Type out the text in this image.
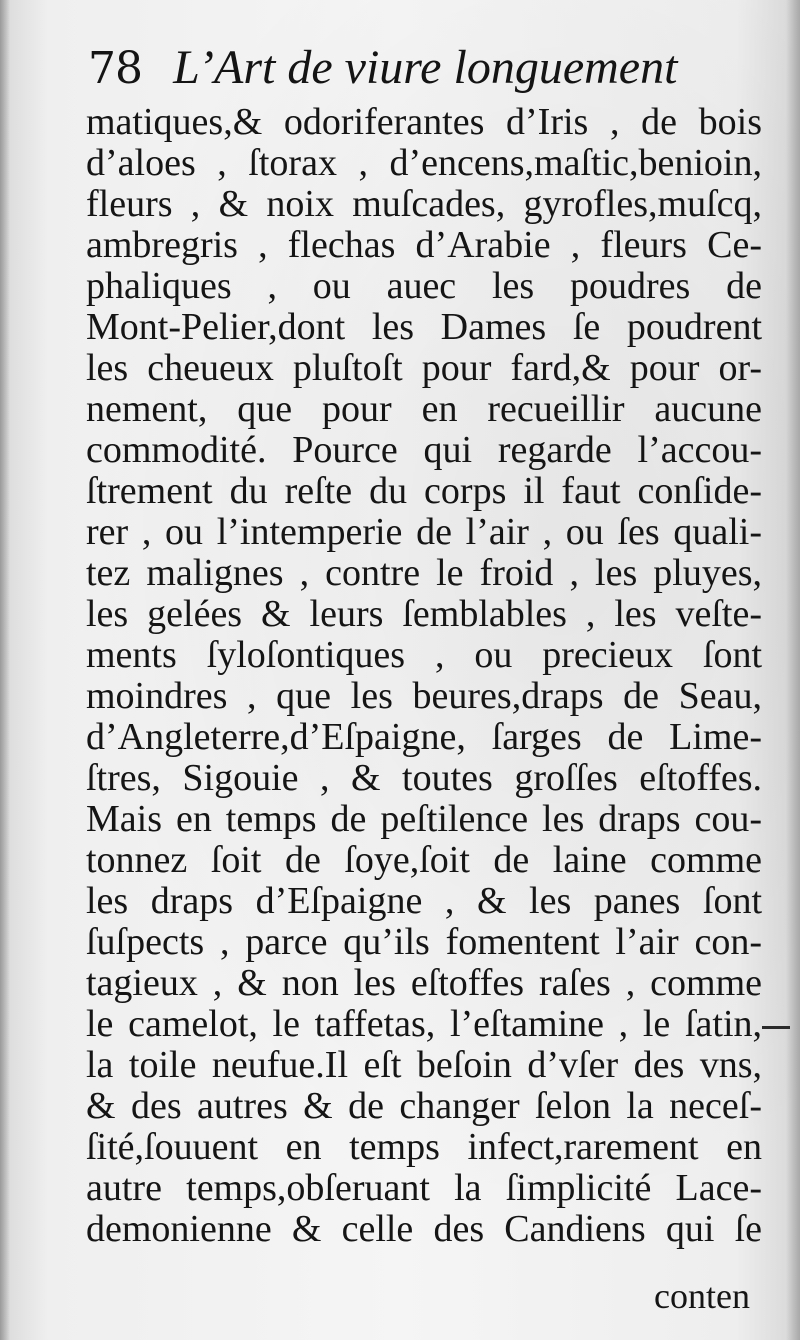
78 L’Art de viure longuement
matiques,& odoriferantes d’Iris , de bois
d’aloes , ſtorax , d’encens,maſtic,benioin,
fleurs , & noix muſcades, gyrofles,muſcq,
ambregris , flechas d’Arabie , fleurs Ce-
phaliques , ou auec les poudres de
Mont-Pelier,dont les Dames ſe poudrent
les cheueux pluſtoſt pour fard,& pour or-
nement, que pour en recueillir aucune
commodité. Pource qui regarde l’accou-
ſtrement du reſte du corps il faut conſide-
rer , ou l’intemperie de l’air , ou ſes quali-
tez malignes , contre le froid , les pluyes,
les gelées & leurs ſemblables , les veſte-
ments ſyloſontiques , ou precieux ſont
moindres , que les beures,draps de Seau,
d’Angleterre,d’Eſpaigne, ſarges de Lime-
ſtres, Sigouie , & toutes groſſes eſtoffes.
Mais en temps de peſtilence les draps cou-
tonnez ſoit de ſoye,ſoit de laine comme
les draps d’Eſpaigne , & les panes ſont
ſuſpects , parce qu’ils fomentent l’air con-
tagieux , & non les eſtoffes raſes , comme
le camelot, le taffetas, l’eſtamine , le ſatin,
la toile neufue.Il eſt beſoin d’vſer des vns,
& des autres & de changer ſelon la neceſ-
ſité,ſouuent en temps infect,rarement en
autre temps,obſeruant la ſimplicité Lace-
demonienne & celle des Candiens qui ſe
conten
